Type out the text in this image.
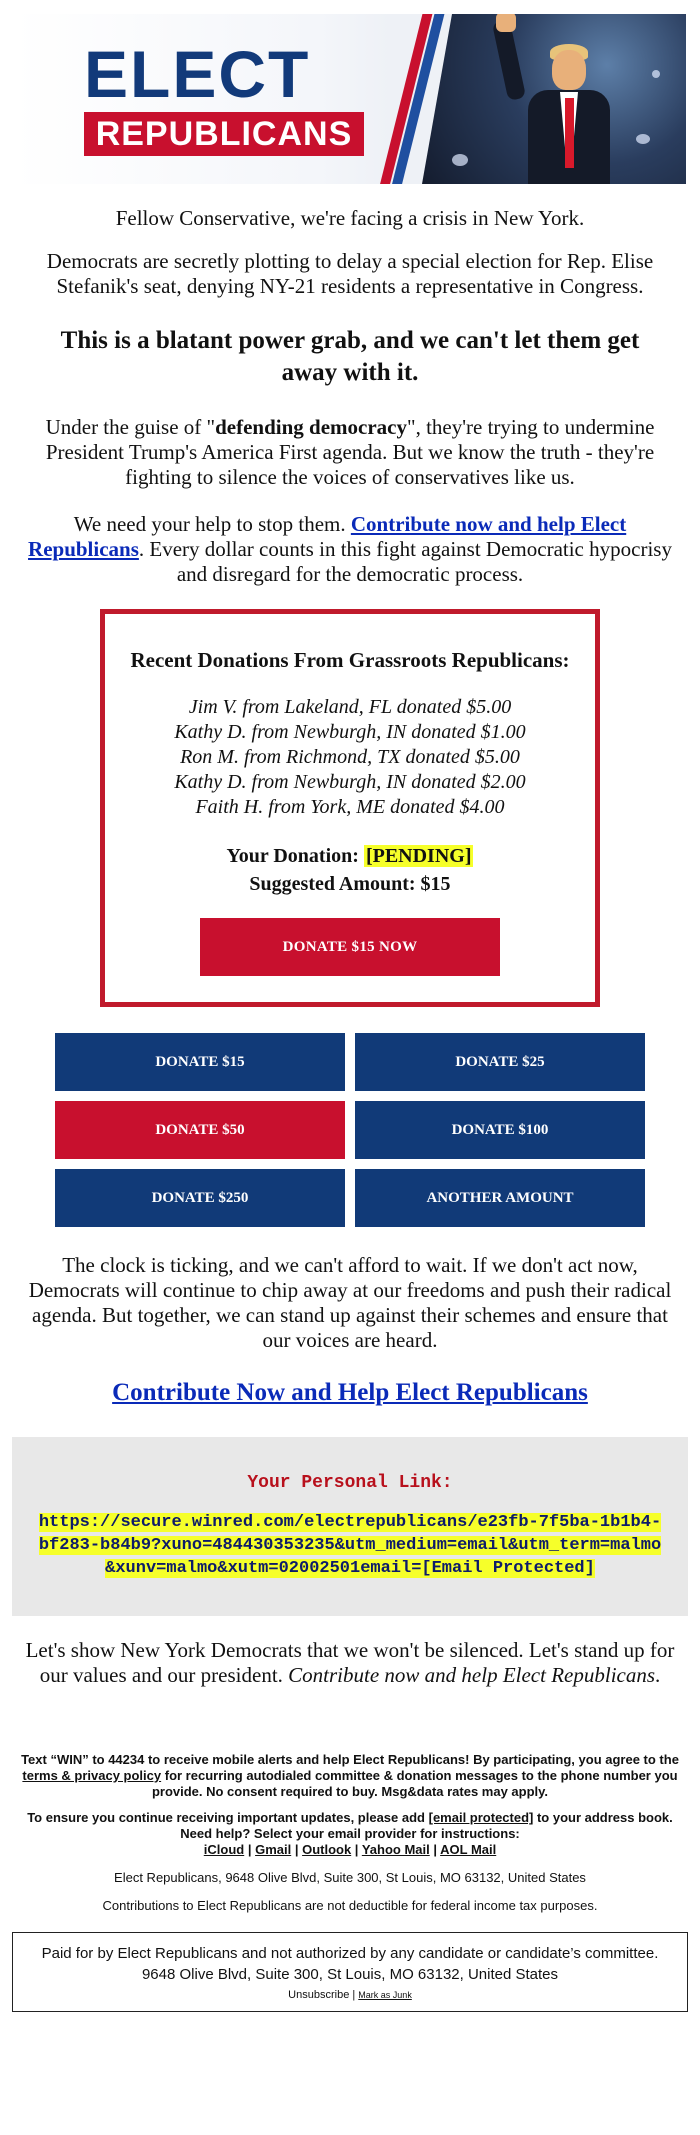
ELECT
REPUBLICANS

Fellow Conservative, we're facing a crisis in New York.

Democrats are secretly plotting to delay a special election for Rep. Elise Stefanik's seat, denying NY-21 residents a representative in Congress.

This is a blatant power grab, and we can't let them get away with it.

Under the guise of "defending democracy", they're trying to undermine President Trump's America First agenda. But we know the truth - they're fighting to silence the voices of conservatives like us.

We need your help to stop them. Contribute now and help Elect Republicans. Every dollar counts in this fight against Democratic hypocrisy and disregard for the democratic process.

Recent Donations From Grassroots Republicans:
Jim V. from Lakeland, FL donated $5.00
Kathy D. from Newburgh, IN donated $1.00
Ron M. from Richmond, TX donated $5.00
Kathy D. from Newburgh, IN donated $2.00
Faith H. from York, ME donated $4.00
Your Donation: [PENDING]
Suggested Amount: $15
DONATE $15 NOW
DONATE $15	DONATE $25
DONATE $50	DONATE $100
DONATE $250	ANOTHER AMOUNT

The clock is ticking, and we can't afford to wait. If we don't act now, Democrats will continue to chip away at our freedoms and push their radical agenda. But together, we can stand up against their schemes and ensure that our voices are heard.

Contribute Now and Help Elect Republicans
Your Personal Link:
https://secure.winred.com/electrepublicans/e23fb-7f5ba-1b1b4-bf283-b84b9?xuno=484430353235&utm_medium=email&utm_term=malmo&xunv=malmo&xutm=02002501email=[Email Protected]

Let's show New York Democrats that we won't be silenced. Let's stand up for our values and our president. Contribute now and help Elect Republicans.

Text “WIN” to 44234 to receive mobile alerts and help Elect Republicans! By participating, you agree to the terms & privacy policy for recurring autodialed committee & donation messages to the phone number you provide. No consent required to buy. Msg&data rates may apply.

To ensure you continue receiving important updates, please add [email protected] to your address book. Need help? Select your email provider for instructions:
iCloud | Gmail | Outlook | Yahoo Mail | AOL Mail

Elect Republicans, 9648 Olive Blvd, Suite 300, St Louis, MO 63132, United States

Contributions to Elect Republicans are not deductible for federal income tax purposes.

Paid for by Elect Republicans and not authorized by any candidate or candidate’s committee. 9648 Olive Blvd, Suite 300, St Louis, MO 63132, United States
Unsubscribe | Mark as Junk
